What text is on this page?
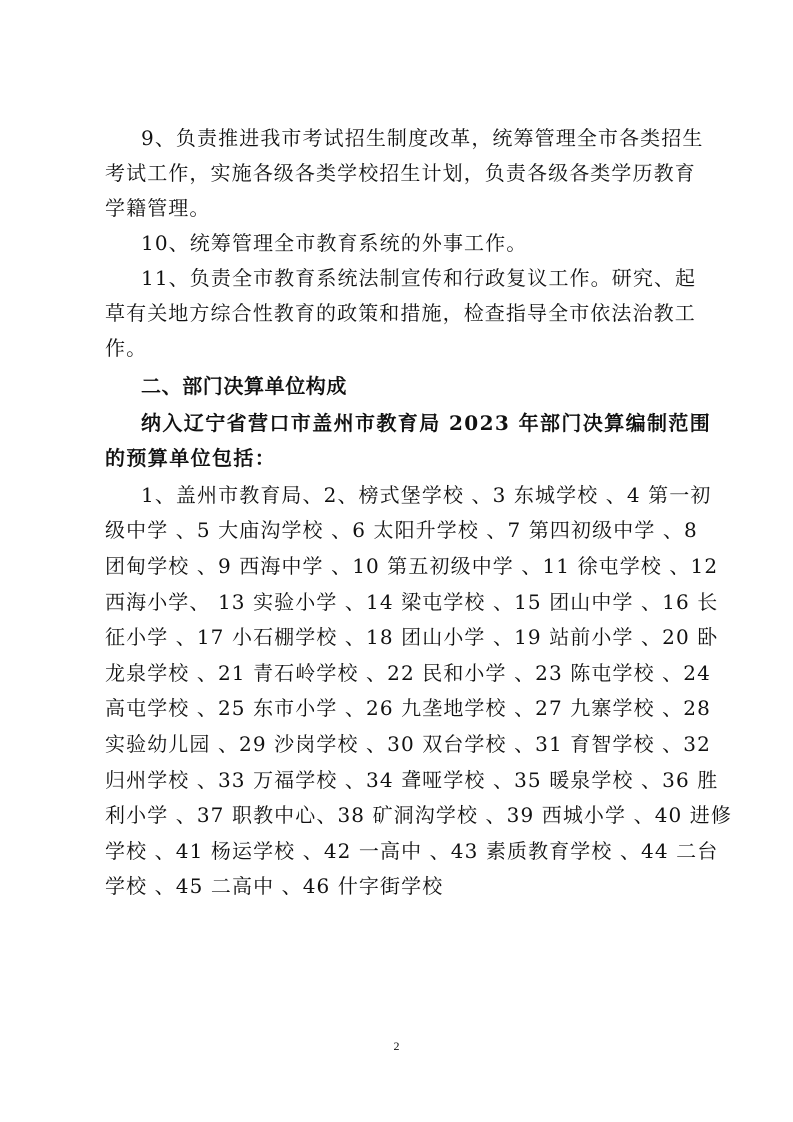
9、负责推进我市考试招生制度改革，统筹管理全市各类招生
考试工作，实施各级各类学校招生计划，负责各级各类学历教育
学籍管理。
10、统筹管理全市教育系统的外事工作。
11、负责全市教育系统法制宣传和行政复议工作。研究、起
草有关地方综合性教育的政策和措施，检查指导全市依法治教工
作。
二、部门决算单位构成
纳入辽宁省营口市盖州市教育局 2023 年部门决算编制范围
的预算单位包括：
1、盖州市教育局、2、榜式堡学校 、3 东城学校 、4 第一初
级中学 、5 大庙沟学校 、6 太阳升学校 、7 第四初级中学 、8
团甸学校 、9 西海中学 、10 第五初级中学 、11 徐屯学校 、12
西海小学、 13 实验小学 、14 梁屯学校 、15 团山中学 、16 长
征小学 、17 小石棚学校 、18 团山小学 、19 站前小学 、20 卧
龙泉学校 、21 青石岭学校 、22 民和小学 、23 陈屯学校 、24
高屯学校 、25 东市小学 、26 九垄地学校 、27 九寨学校 、28
实验幼儿园 、29 沙岗学校 、30 双台学校 、31 育智学校 、32
归州学校 、33 万福学校 、34 聋哑学校 、35 暖泉学校 、36 胜
利小学 、37 职教中心、38 矿洞沟学校 、39 西城小学 、40 进修
学校 、41 杨运学校 、42 一高中 、43 素质教育学校 、44 二台
学校 、45 二高中 、46 什字街学校
2
